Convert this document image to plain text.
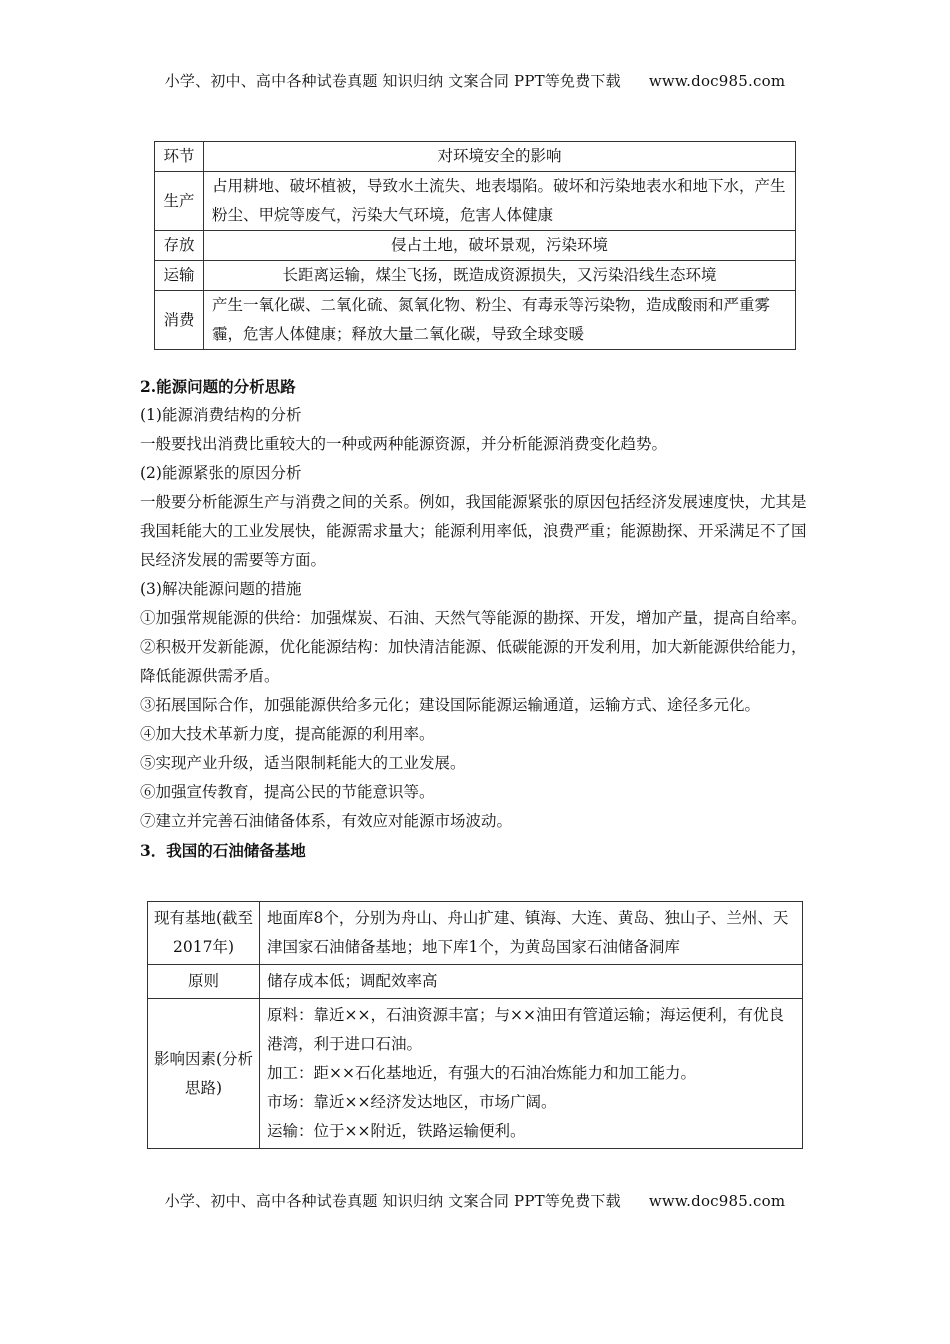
小学、初中、高中各种试卷真题 知识归纳 文案合同 PPT等免费下载 www.doc985.com
环节	对环境安全的影响
生产	占用耕地、破坏植被，导致水土流失、地表塌陷。破坏和污染地表水和地下水，产生粉尘、甲烷等废气，污染大气环境，危害人体健康
存放	侵占土地，破坏景观，污染环境
运输	长距离运输，煤尘飞扬，既造成资源损失，又污染沿线生态环境
消费	产生一氧化碳、二氧化硫、氮氧化物、粉尘、有毒汞等污染物，造成酸雨和严重雾霾，危害人体健康；释放大量二氧化碳，导致全球变暖

2.能源问题的分析思路

(1)能源消费结构的分析

一般要找出消费比重较大的一种或两种能源资源，并分析能源消费变化趋势。

(2)能源紧张的原因分析

一般要分析能源生产与消费之间的关系。例如，我国能源紧张的原因包括经济发展速度快，尤其是我国耗能大的工业发展快，能源需求量大；能源利用率低，浪费严重；能源勘探、开采满足不了国民经济发展的需要等方面。

(3)解决能源问题的措施

①加强常规能源的供给：加强煤炭、石油、天然气等能源的勘探、开发，增加产量，提高自给率。

②积极开发新能源，优化能源结构：加快清洁能源、低碳能源的开发利用，加大新能源供给能力，降低能源供需矛盾。

③拓展国际合作，加强能源供给多元化；建设国际能源运输通道，运输方式、途径多元化。

④加大技术革新力度，提高能源的利用率。

⑤实现产业升级，适当限制耗能大的工业发展。

⑥加强宣传教育，提高公民的节能意识等。

⑦建立并完善石油储备体系，有效应对能源市场波动。

3．我国的石油储备基地

现有基地(截至2017年)	地面库8个，分别为舟山、舟山扩建、镇海、大连、黄岛、独山子、兰州、天津国家石油储备基地；地下库1个，为黄岛国家石油储备洞库

原则	储存成本低；调配效率高

影响因素(分析思路)	原料：靠近××，石油资源丰富；与××油田有管道运输；海运便利，有优良港湾，利于进口石油。
加工：距××石化基地近，有强大的石油冶炼能力和加工能力。
市场：靠近××经济发达地区，市场广阔。
运输：位于××附近，铁路运输便利。
小学、初中、高中各种试卷真题 知识归纳 文案合同 PPT等免费下载 www.doc985.com
